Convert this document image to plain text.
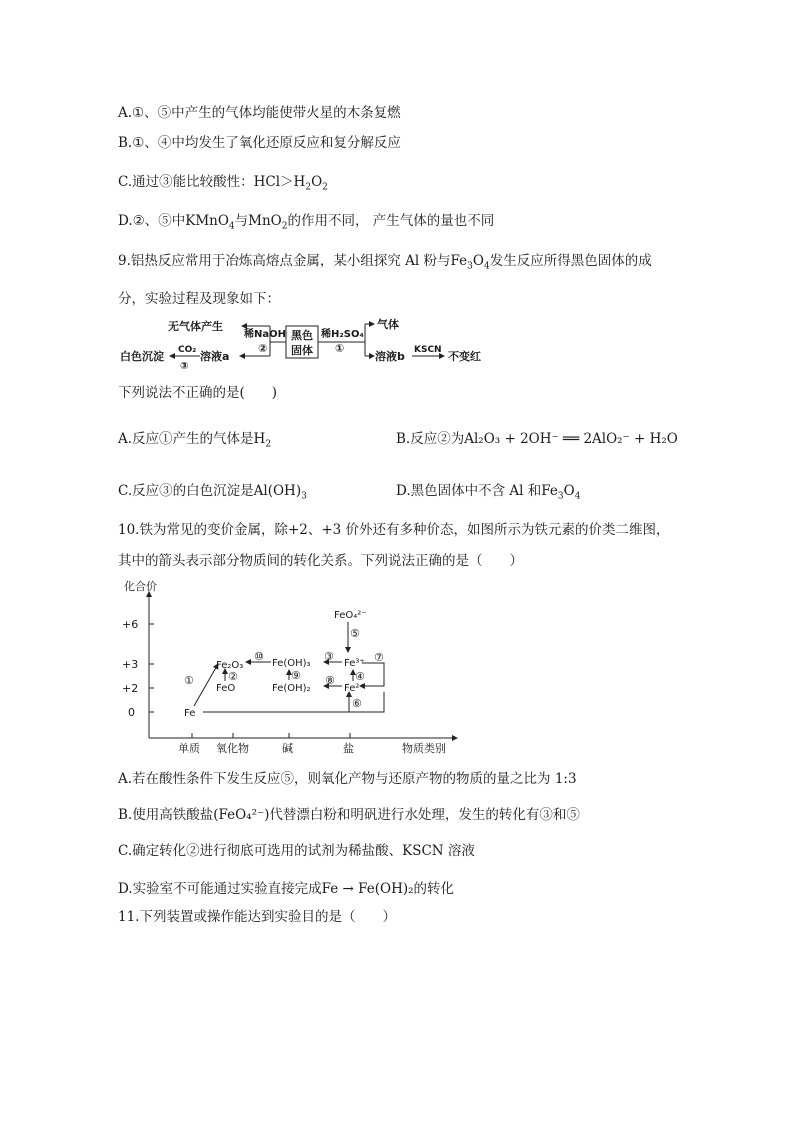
A.①、⑤中产生的气体均能使带火星的木条复燃
B.①、④中均发生了氧化还原反应和复分解反应
C.通过③能比较酸性：$HCl>H_2O_2$
D.②、⑤中KMnO$_4$与MnO$_2$的作用不同， 产生气体的量也不同
9.铝热反应常用于冶炼高熔点金属，某小组探究 Al 粉与$Fe_3O_4$发生反应所得黑色固体的成
分，实验过程及现象如下：
无气体产生
稀NaOH
②
黑色
固体
稀H₂SO₄
①
气体
白色沉淀 CO₂
③
溶液a	溶液b KSCN 不变红
下列说法不正确的是(　　)
A.反应①产生的气体是$H_2$	B.反应②为Al₂O₃ + 2OH⁻ ══ 2AlO₂⁻ + H₂O
C.反应③的白色沉淀是$Al(OH)_3$	D.黑色固体中不含 Al 和$Fe_3O_4$
10.铁为常见的变价金属，除+2、+3 价外还有多种价态，如图所示为铁元素的价类二维图，
其中的箭头表示部分物质间的转化关系。下列说法正确的是（　　）
化合价
物质类别
+6
+3
+2
0
单质 氧化物	碱	盐
FeO₄²⁻
Fe₂O₃	Fe(OH)₃	Fe³⁺
FeO	Fe(OH)₂	Fe²⁺
Fe
①	②
③
④
⑤
⑥
⑦
⑧
⑨
⑩
A.若在酸性条件下发生反应⑤，则氧化产物与还原产物的物质的量之比为 1:3
B.使用高铁酸盐(FeO₄²⁻)代替漂白粉和明矾进行水处理，发生的转化有③和⑤
C.确定转化②进行彻底可选用的试剂为稀盐酸、KSCN 溶液
D.实验室不可能通过实验直接完成Fe → Fe(OH)₂的转化
11.下列装置或操作能达到实验目的是（　　）
